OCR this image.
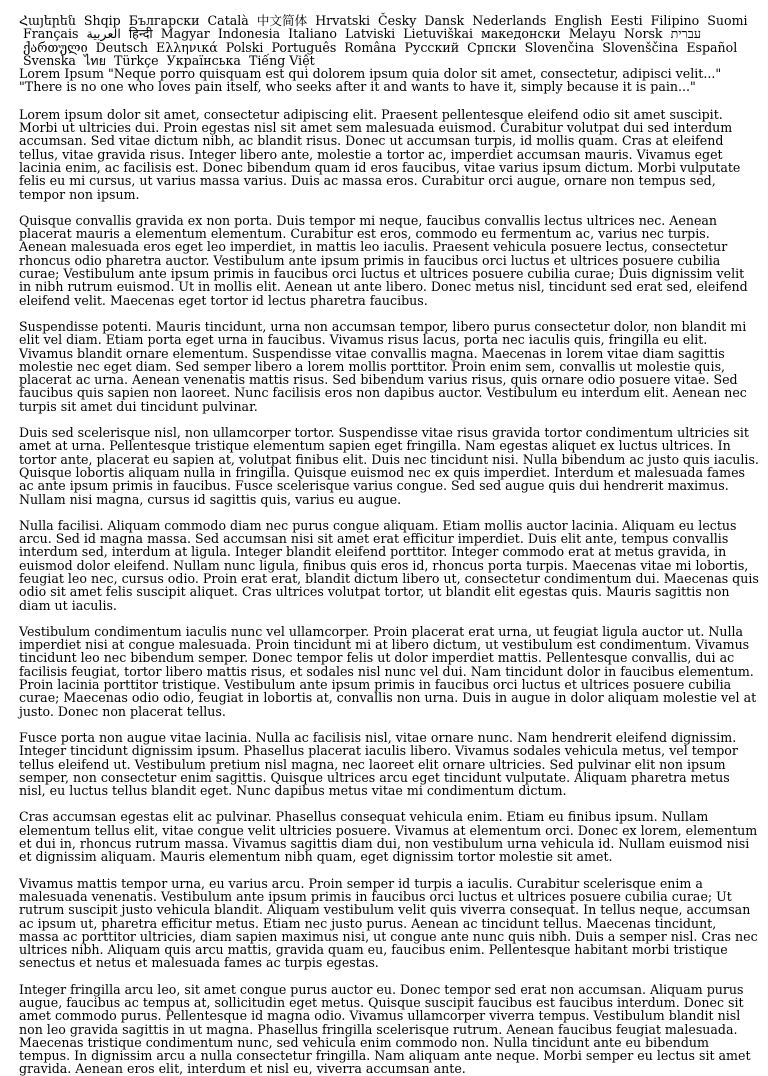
Հայերեն Shqip Български Català 中文简体 Hrvatski Česky Dansk Nederlands English Eesti Filipino Suomi Français العربية हिन्दी Magyar Indonesia Italiano Latviski Lietuviškai македонски Melayu Norsk עברית ქართული Deutsch Ελληνικά Polski Português Româna Русский Српски Slovenčina Slovenščina Español Svenska ไทย Türkçe Українська Tiếng Việt
Lorem Ipsum "Neque porro quisquam est qui dolorem ipsum quia dolor sit amet, consectetur, adipisci velit..." "There is no one who loves pain itself, who seeks after it and wants to have it, simply because it is pain..."

Lorem ipsum dolor sit amet, consectetur adipiscing elit. Praesent pellentesque eleifend odio sit amet suscipit. Morbi ut ultricies dui. Proin egestas nisl sit amet sem malesuada euismod. Curabitur volutpat dui sed interdum accumsan. Sed vitae dictum nibh, ac blandit risus. Donec ut accumsan turpis, id mollis quam. Cras at eleifend tellus, vitae gravida risus. Integer libero ante, molestie a tortor ac, imperdiet accumsan mauris. Vivamus eget lacinia enim, ac facilisis est. Donec bibendum quam id eros faucibus, vitae varius ipsum dictum. Morbi vulputate felis eu mi cursus, ut varius massa varius. Duis ac massa eros. Curabitur orci augue, ornare non tempus sed, tempor non ipsum.

Quisque convallis gravida ex non porta. Duis tempor mi neque, faucibus convallis lectus ultrices nec. Aenean placerat mauris a elementum elementum. Curabitur est eros, commodo eu fermentum ac, varius nec turpis. Aenean malesuada eros eget leo imperdiet, in mattis leo iaculis. Praesent vehicula posuere lectus, consectetur rhoncus odio pharetra auctor. Vestibulum ante ipsum primis in faucibus orci luctus et ultrices posuere cubilia curae; Vestibulum ante ipsum primis in faucibus orci luctus et ultrices posuere cubilia curae; Duis dignissim velit in nibh rutrum euismod. Ut in mollis elit. Aenean ut ante libero. Donec metus nisl, tincidunt sed erat sed, eleifend eleifend velit. Maecenas eget tortor id lectus pharetra faucibus.

Suspendisse potenti. Mauris tincidunt, urna non accumsan tempor, libero purus consectetur dolor, non blandit mi elit vel diam. Etiam porta eget urna in faucibus. Vivamus risus lacus, porta nec iaculis quis, fringilla eu elit. Vivamus blandit ornare elementum. Suspendisse vitae convallis magna. Maecenas in lorem vitae diam sagittis molestie nec eget diam. Sed semper libero a lorem mollis porttitor. Proin enim sem, convallis ut molestie quis, placerat ac urna. Aenean venenatis mattis risus. Sed bibendum varius risus, quis ornare odio posuere vitae. Sed faucibus quis sapien non laoreet. Nunc facilisis eros non dapibus auctor. Vestibulum eu interdum elit. Aenean nec turpis sit amet dui tincidunt pulvinar.

Duis sed scelerisque nisl, non ullamcorper tortor. Suspendisse vitae risus gravida tortor condimentum ultricies sit amet at urna. Pellentesque tristique elementum sapien eget fringilla. Nam egestas aliquet ex luctus ultrices. In tortor ante, placerat eu sapien at, volutpat finibus elit. Duis nec tincidunt nisi. Nulla bibendum ac justo quis iaculis. Quisque lobortis aliquam nulla in fringilla. Quisque euismod nec ex quis imperdiet. Interdum et malesuada fames ac ante ipsum primis in faucibus. Fusce scelerisque varius congue. Sed sed augue quis dui hendrerit maximus. Nullam nisi magna, cursus id sagittis quis, varius eu augue.

Nulla facilisi. Aliquam commodo diam nec purus congue aliquam. Etiam mollis auctor lacinia. Aliquam eu lectus arcu. Sed id magna massa. Sed accumsan nisi sit amet erat efficitur imperdiet. Duis elit ante, tempus convallis interdum sed, interdum at ligula. Integer blandit eleifend porttitor. Integer commodo erat at metus gravida, in euismod dolor eleifend. Nullam nunc ligula, finibus quis eros id, rhoncus porta turpis. Maecenas vitae mi lobortis, feugiat leo nec, cursus odio. Proin erat erat, blandit dictum libero ut, consectetur condimentum dui. Maecenas quis odio sit amet felis suscipit aliquet. Cras ultrices volutpat tortor, ut blandit elit egestas quis. Mauris sagittis non diam ut iaculis.

Vestibulum condimentum iaculis nunc vel ullamcorper. Proin placerat erat urna, ut feugiat ligula auctor ut. Nulla imperdiet nisi at congue malesuada. Proin tincidunt mi at libero dictum, ut vestibulum est condimentum. Vivamus tincidunt leo nec bibendum semper. Donec tempor felis ut dolor imperdiet mattis. Pellentesque convallis, dui ac facilisis feugiat, tortor libero mattis risus, et sodales nisl nunc vel dui. Nam tincidunt dolor in faucibus elementum. Proin lacinia porttitor tristique. Vestibulum ante ipsum primis in faucibus orci luctus et ultrices posuere cubilia curae; Maecenas odio odio, feugiat in lobortis at, convallis non urna. Duis in augue in dolor aliquam molestie vel at justo. Donec non placerat tellus.

Fusce porta non augue vitae lacinia. Nulla ac facilisis nisl, vitae ornare nunc. Nam hendrerit eleifend dignissim. Integer tincidunt dignissim ipsum. Phasellus placerat iaculis libero. Vivamus sodales vehicula metus, vel tempor tellus eleifend ut. Vestibulum pretium nisl magna, nec laoreet elit ornare ultricies. Sed pulvinar elit non ipsum semper, non consectetur enim sagittis. Quisque ultrices arcu eget tincidunt vulputate. Aliquam pharetra metus nisl, eu luctus tellus blandit eget. Nunc dapibus metus vitae mi condimentum dictum.

Cras accumsan egestas elit ac pulvinar. Phasellus consequat vehicula enim. Etiam eu finibus ipsum. Nullam elementum tellus elit, vitae congue velit ultricies posuere. Vivamus at elementum orci. Donec ex lorem, elementum et dui in, rhoncus rutrum massa. Vivamus sagittis diam dui, non vestibulum urna vehicula id. Nullam euismod nisi et dignissim aliquam. Mauris elementum nibh quam, eget dignissim tortor molestie sit amet.

Vivamus mattis tempor urna, eu varius arcu. Proin semper id turpis a iaculis. Curabitur scelerisque enim a malesuada venenatis. Vestibulum ante ipsum primis in faucibus orci luctus et ultrices posuere cubilia curae; Ut rutrum suscipit justo vehicula blandit. Aliquam vestibulum velit quis viverra consequat. In tellus neque, accumsan ac ipsum ut, pharetra efficitur metus. Etiam nec justo purus. Aenean ac tincidunt tellus. Maecenas tincidunt, massa ac porttitor ultricies, diam sapien maximus nisi, ut congue ante nunc quis nibh. Duis a semper nisl. Cras nec ultrices nibh. Aliquam quis arcu mattis, gravida quam eu, faucibus enim. Pellentesque habitant morbi tristique senectus et netus et malesuada fames ac turpis egestas.

Integer fringilla arcu leo, sit amet congue purus auctor eu. Donec tempor sed erat non accumsan. Aliquam purus augue, faucibus ac tempus at, sollicitudin eget metus. Quisque suscipit faucibus est faucibus interdum. Donec sit amet commodo purus. Pellentesque id magna odio. Vivamus ullamcorper viverra tempus. Vestibulum blandit nisl non leo gravida sagittis in ut magna. Phasellus fringilla scelerisque rutrum. Aenean faucibus feugiat malesuada. Maecenas tristique condimentum nunc, sed vehicula enim commodo non. Nulla tincidunt ante eu bibendum tempus. In dignissim arcu a nulla consectetur fringilla. Nam aliquam ante neque. Morbi semper eu lectus sit amet gravida. Aenean eros elit, interdum et nisl eu, viverra accumsan ante.
